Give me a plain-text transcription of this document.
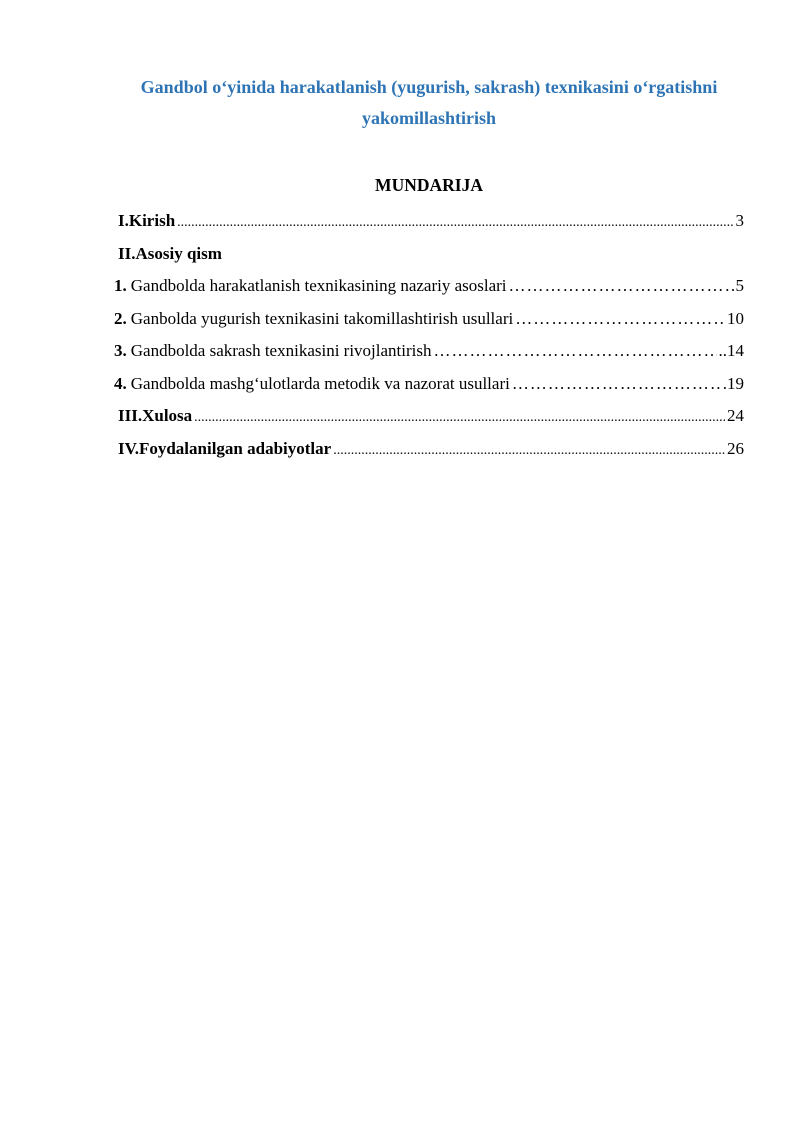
Gandbol o‘yinida harakatlanish (yugurish, sakrash) texnikasini o‘rgatishni yakomillashtirish
MUNDARIJA
I.Kirish .....	3
II.Asosiy qism
1. Gandbolda harakatlanish texnikasining nazariy asoslari …………………………………………………………………………………………………………………………………………………………………………………	5
2. Ganbolda yugurish texnikasini takomillashtirish usullari …………………………………………………………………………………………………………………………………………………………………………………	10
3. Gandbolda sakrash texnikasini rivojlantirish …………………………………………………………………………………………………………………………………………………………………………………	..14
4. Gandbolda mashg‘ulotlarda metodik va nazorat usullari …………………………………………………………………………………………………………………………………………………………………………………	.19
III.Xulosa .....	24
IV.Foydalanilgan adabiyotlar .....	26
